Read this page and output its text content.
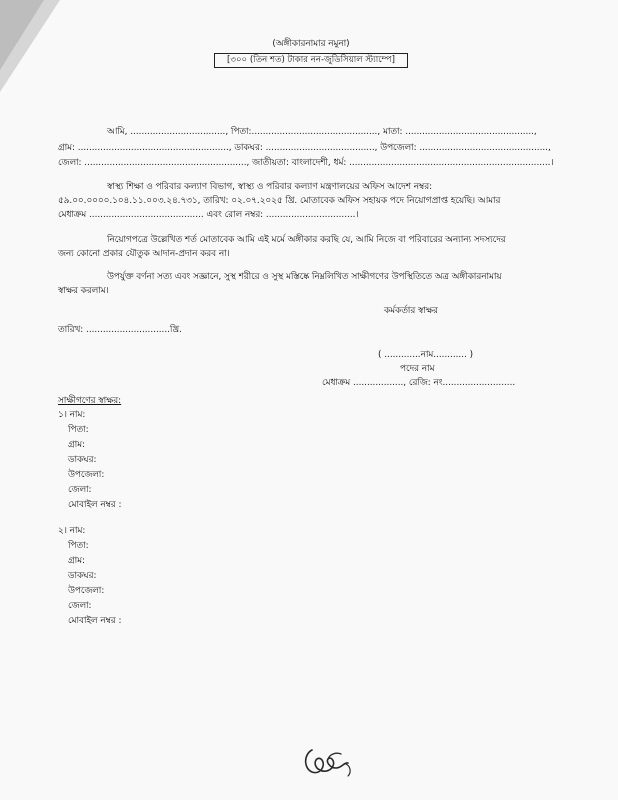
(অঙ্গীকারনামার নমুনা)
[৩০০ (তিন শত) টাকার নন-জুডিসিয়াল স্ট্যাম্পে]
আমি, .................................., পিতা:............................................., মাতা: ..............................................,
গ্রাম: ......................................................, ডাকঘর: ......................................., উপজেলা: ..............................................,
জেলা: .........................................................., জাতীয়তা: বাংলাদেশী, ধর্ম: ........................................................................।
স্বাস্থ্য শিক্ষা ও পরিবার কল্যাণ বিভাগ, স্বাস্থ্য ও পরিবার কল্যাণ মন্ত্রণালয়ের অফিস আদেশ নম্বর:
৫৯.০০.০০০০.১০৪.১১.০০৩.২৪.৭৩১, তারিখ: ০২.০৭.২০২৫ খ্রি. মোতাবেক অফিস সহায়ক পদে নিয়োগপ্রাপ্ত হয়েছি। আমার
মেধাক্রম ......................................... এবং রোল নম্বর: ................................।
নিয়োগপত্রে উল্লেখিত শর্ত মোতাবেক আমি এই মর্মে অঙ্গীকার করছি যে, আমি নিজে বা পরিবারের অন্যান্য সদস্যদের
জন্য কোনো প্রকার যৌতুক আদান-প্রদান করব না।
উপর্যুক্ত বর্ণনা সত্য এবং সজ্ঞানে, সুস্থ শরীরে ও সুস্থ মস্তিষ্কে নিম্নলিখিত সাক্ষীগণের উপস্থিতিতে অত্র অঙ্গীকারনামায়
স্বাক্ষর করলাম।
কর্মকর্তার স্বাক্ষর
তারিখ: ..............................খ্রি.
( .............নাম............ )
পদের নাম
মেধাক্রম .................., রেজি: নং..........................
সাক্ষীগণের স্বাক্ষর:
১। নাম:
পিতা:
গ্রাম:
ডাকঘর:
উপজেলা:
জেলা:
মোবাইল নম্বর :
২। নাম:
পিতা:
গ্রাম:
ডাকঘর:
উপজেলা:
জেলা:
মোবাইল নম্বর :
